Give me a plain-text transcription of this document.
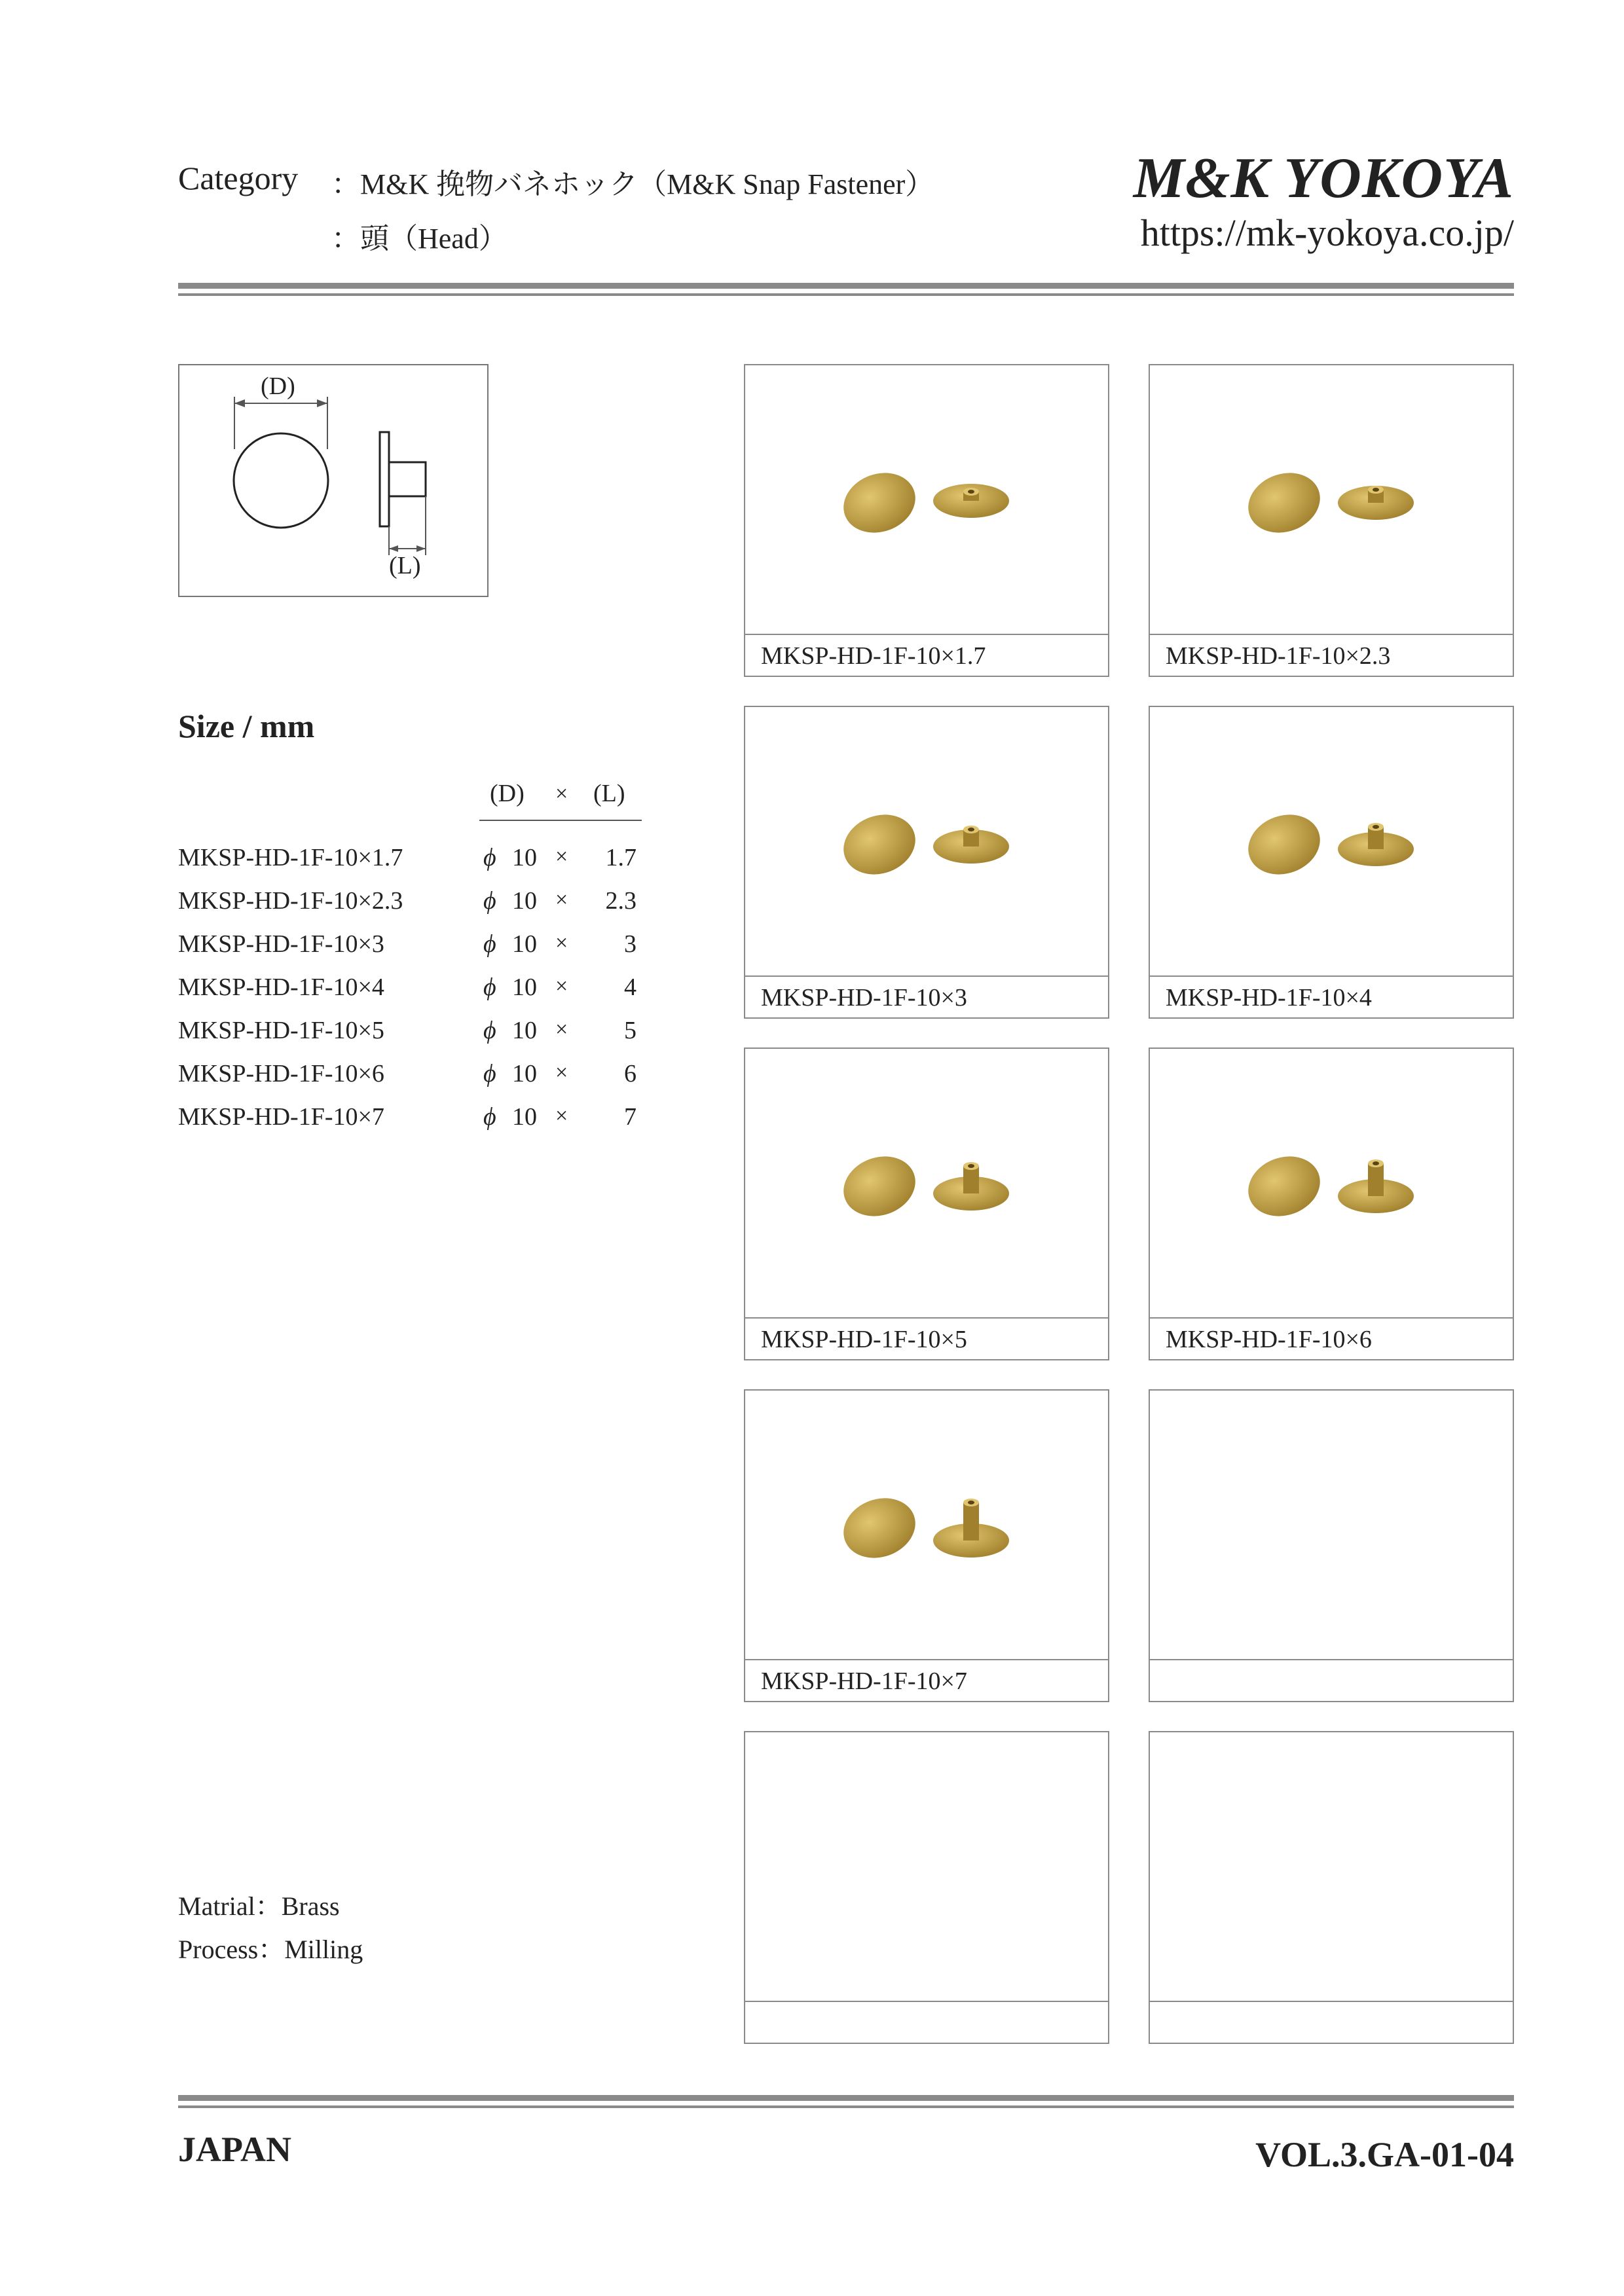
Category ：M&K 挽物バネホック（M&K Snap Fastener）
：頭（Head）
M&K YOKOYA
https://mk-yokoya.co.jp/
(D)
(L)
Size / mm
(D) × (L)
MKSP-HD-1F-10×1.7	ϕ 10 ×	1.7
MKSP-HD-1F-10×2.3	ϕ 10 ×	2.3
MKSP-HD-1F-10×3	ϕ 10 ×	3
MKSP-HD-1F-10×4	ϕ 10 ×	4
MKSP-HD-1F-10×5	ϕ 10 ×	5
MKSP-HD-1F-10×6	ϕ 10 ×	6
MKSP-HD-1F-10×7	ϕ 10 ×	7
Matrial：Brass
Process：Milling
MKSP-HD-1F-10×1.7	MKSP-HD-1F-10×2.3
MKSP-HD-1F-10×3	MKSP-HD-1F-10×4
MKSP-HD-1F-10×5	MKSP-HD-1F-10×6
MKSP-HD-1F-10×7
JAPAN	VOL.3.GA-01-04
